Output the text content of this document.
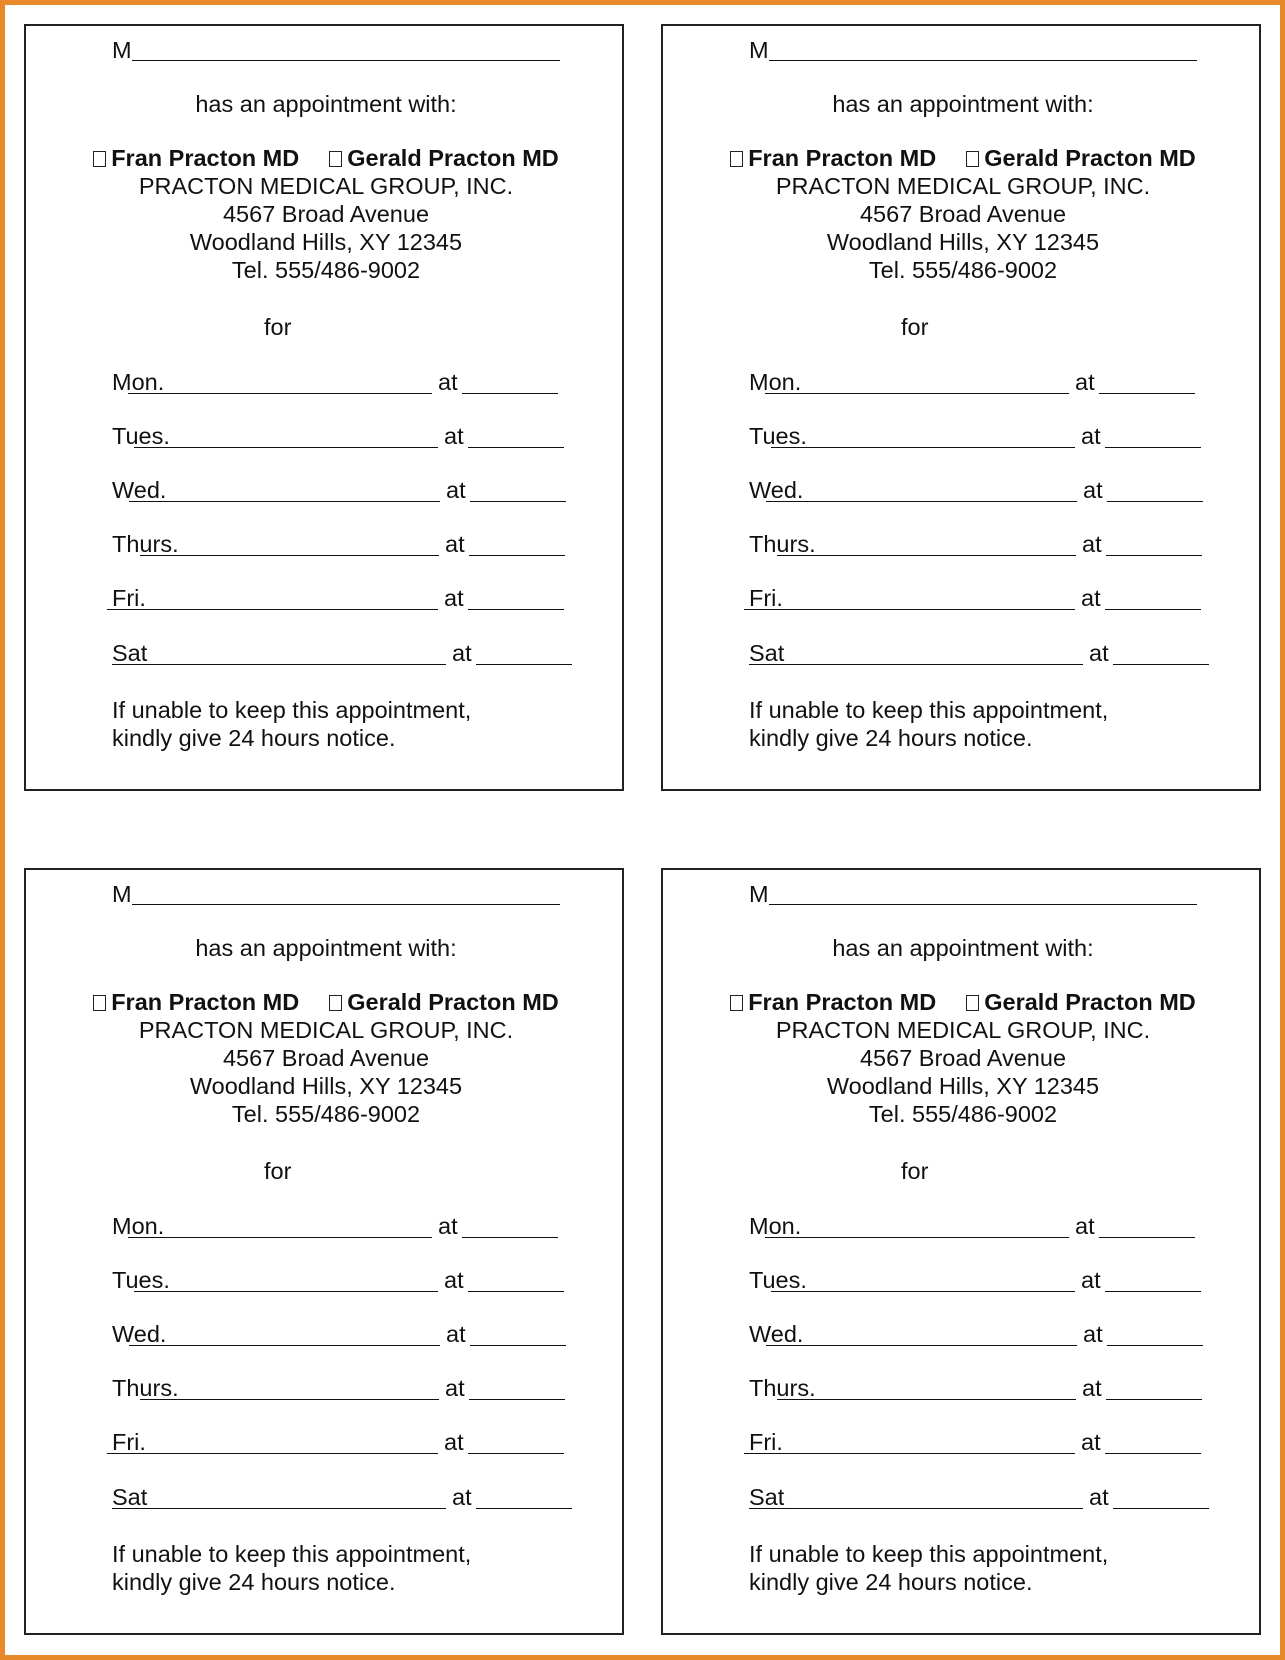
M
has an appointment with:
Fran Practon MD Gerald Practon MD
PRACTON MEDICAL GROUP, INC.
4567 Broad Avenue
Woodland Hills, XY 12345
Tel. 555/486-9002
for
Mon.	at
Tues.	at
Wed.	at
Thurs.	at
Fri.	at
Sat	at
If unable to keep this appointment,
kindly give 24 hours notice.
M
has an appointment with:
Fran Practon MD Gerald Practon MD
PRACTON MEDICAL GROUP, INC.
4567 Broad Avenue
Woodland Hills, XY 12345
Tel. 555/486-9002
for
Mon.	at
Tues.	at
Wed.	at
Thurs.	at
Fri.	at
Sat	at
If unable to keep this appointment,
kindly give 24 hours notice.
M
has an appointment with:
Fran Practon MD Gerald Practon MD
PRACTON MEDICAL GROUP, INC.
4567 Broad Avenue
Woodland Hills, XY 12345
Tel. 555/486-9002
for
Mon.	at
Tues.	at
Wed.	at
Thurs.	at
Fri.	at
Sat	at
If unable to keep this appointment,
kindly give 24 hours notice.
M
has an appointment with:
Fran Practon MD Gerald Practon MD
PRACTON MEDICAL GROUP, INC.
4567 Broad Avenue
Woodland Hills, XY 12345
Tel. 555/486-9002
for
Mon.	at
Tues.	at
Wed.	at
Thurs.	at
Fri.	at
Sat	at
If unable to keep this appointment,
kindly give 24 hours notice.
